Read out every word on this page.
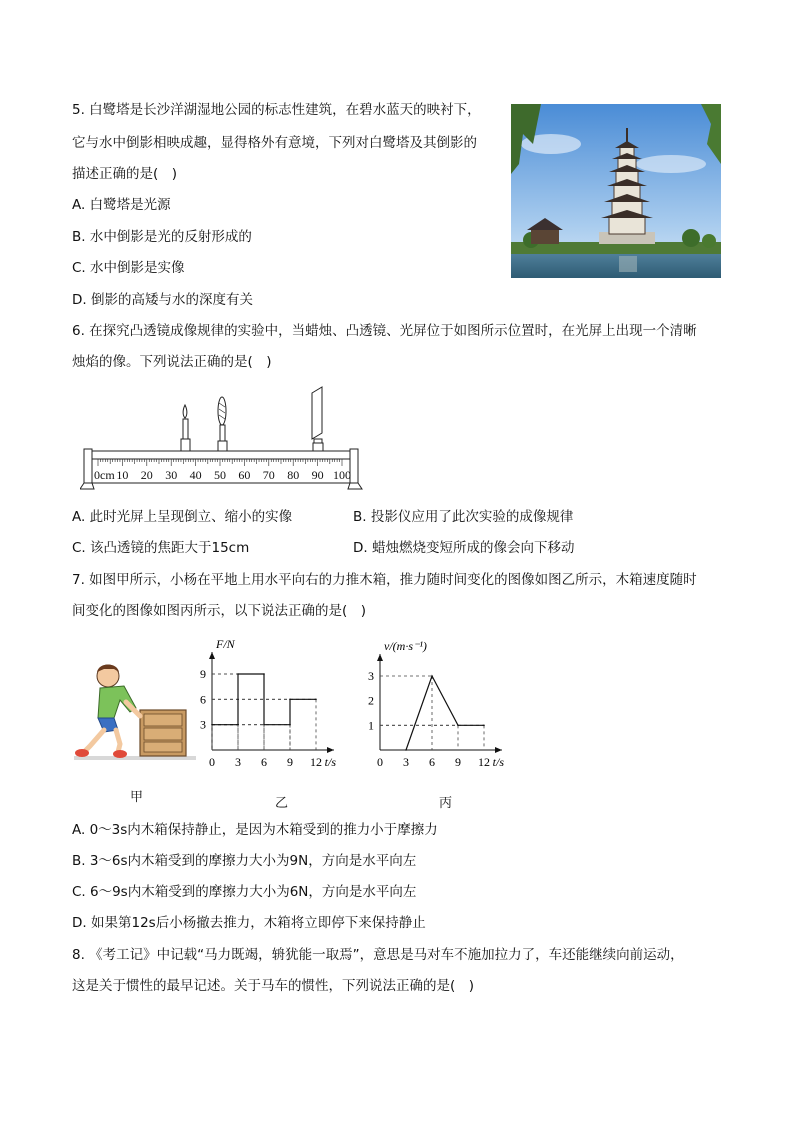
5. 白鹭塔是长沙洋湖湿地公园的标志性建筑，在碧水蓝天的映衬下，
它与水中倒影相映成趣，显得格外有意境，下列对白鹭塔及其倒影的
描述正确的是(　)
A. 白鹭塔是光源
B. 水中倒影是光的反射形成的
C. 水中倒影是实像
D. 倒影的高矮与水的深度有关
6. 在探究凸透镜成像规律的实验中，当蜡烛、凸透镜、光屏位于如图所示位置时，在光屏上出现一个清晰
烛焰的像。下列说法正确的是(　)
0cm 10 20 30 40 50 60 70 80 90 100
A. 此时光屏上呈现倒立、缩小的实像	B. 投影仪应用了此次实验的成像规律
C. 该凸透镜的焦距大于15cm	D. 蜡烛燃烧变短所成的像会向下移动
7. 如图甲所示，小杨在平地上用水平向右的力推木箱，推力随时间变化的图像如图乙所示，木箱速度随时
间变化的图像如图丙所示，以下说法正确的是(　)
0 3 6 9 12
3
6
9
t/s
F/N
0 3 6 9 12
1
2
3
t/s
v/(m·s⁻¹)
甲	乙	丙
A. 0～3s内木箱保持静止，是因为木箱受到的推力小于摩擦力
B. 3～6s内木箱受到的摩擦力大小为9N，方向是水平向左
C. 6～9s内木箱受到的摩擦力大小为6N，方向是水平向左
D. 如果第12s后小杨撤去推力，木箱将立即停下来保持静止
8. 《考工记》中记载“马力既竭，辀犹能一取焉”，意思是马对车不施加拉力了，车还能继续向前运动，
这是关于惯性的最早记述。关于马车的惯性，下列说法正确的是(　)
